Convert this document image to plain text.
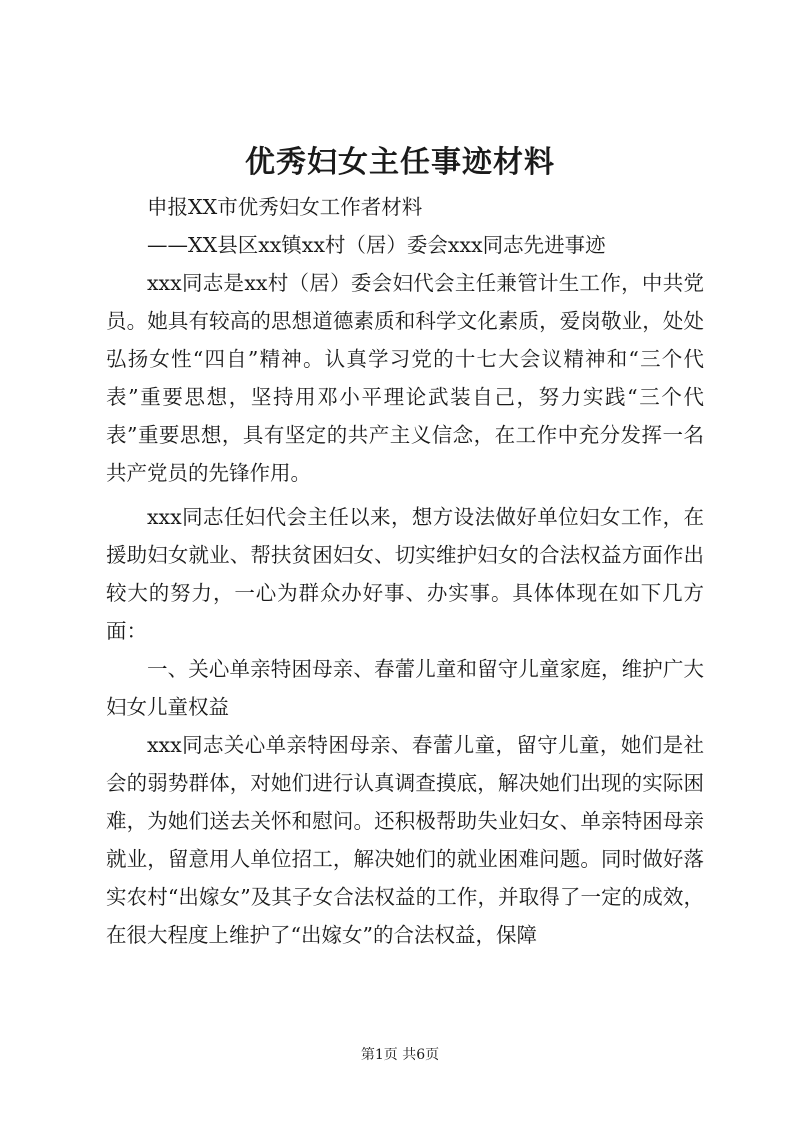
优秀妇女主任事迹材料

申报XX市优秀妇女工作者材料

——XX县区xx镇xx村（居）委会xxx同志先进事迹

xxx同志是xx村（居）委会妇代会主任兼管计生工作，中共党员。她具有较高的思想道德素质和科学文化素质，爱岗敬业，处处弘扬女性“四自”精神。认真学习党的十七大会议精神和“三个代表”重要思想，坚持用邓小平理论武装自己，努力实践“三个代表”重要思想，具有坚定的共产主义信念，在工作中充分发挥一名共产党员的先锋作用。

xxx同志任妇代会主任以来，想方设法做好单位妇女工作，在援助妇女就业、帮扶贫困妇女、切实维护妇女的合法权益方面作出较大的努力，一心为群众办好事、办实事。具体体现在如下几方面：

一、关心单亲特困母亲、春蕾儿童和留守儿童家庭，维护广大妇女儿童权益

xxx同志关心单亲特困母亲、春蕾儿童，留守儿童，她们是社会的弱势群体，对她们进行认真调查摸底，解决她们出现的实际困难，为她们送去关怀和慰问。还积极帮助失业妇女、单亲特困母亲就业，留意用人单位招工，解决她们的就业困难问题。同时做好落实农村“出嫁女”及其子女合法权益的工作，并取得了一定的成效，在很大程度上维护了“出嫁女”的合法权益，保障

第1页 共6页
